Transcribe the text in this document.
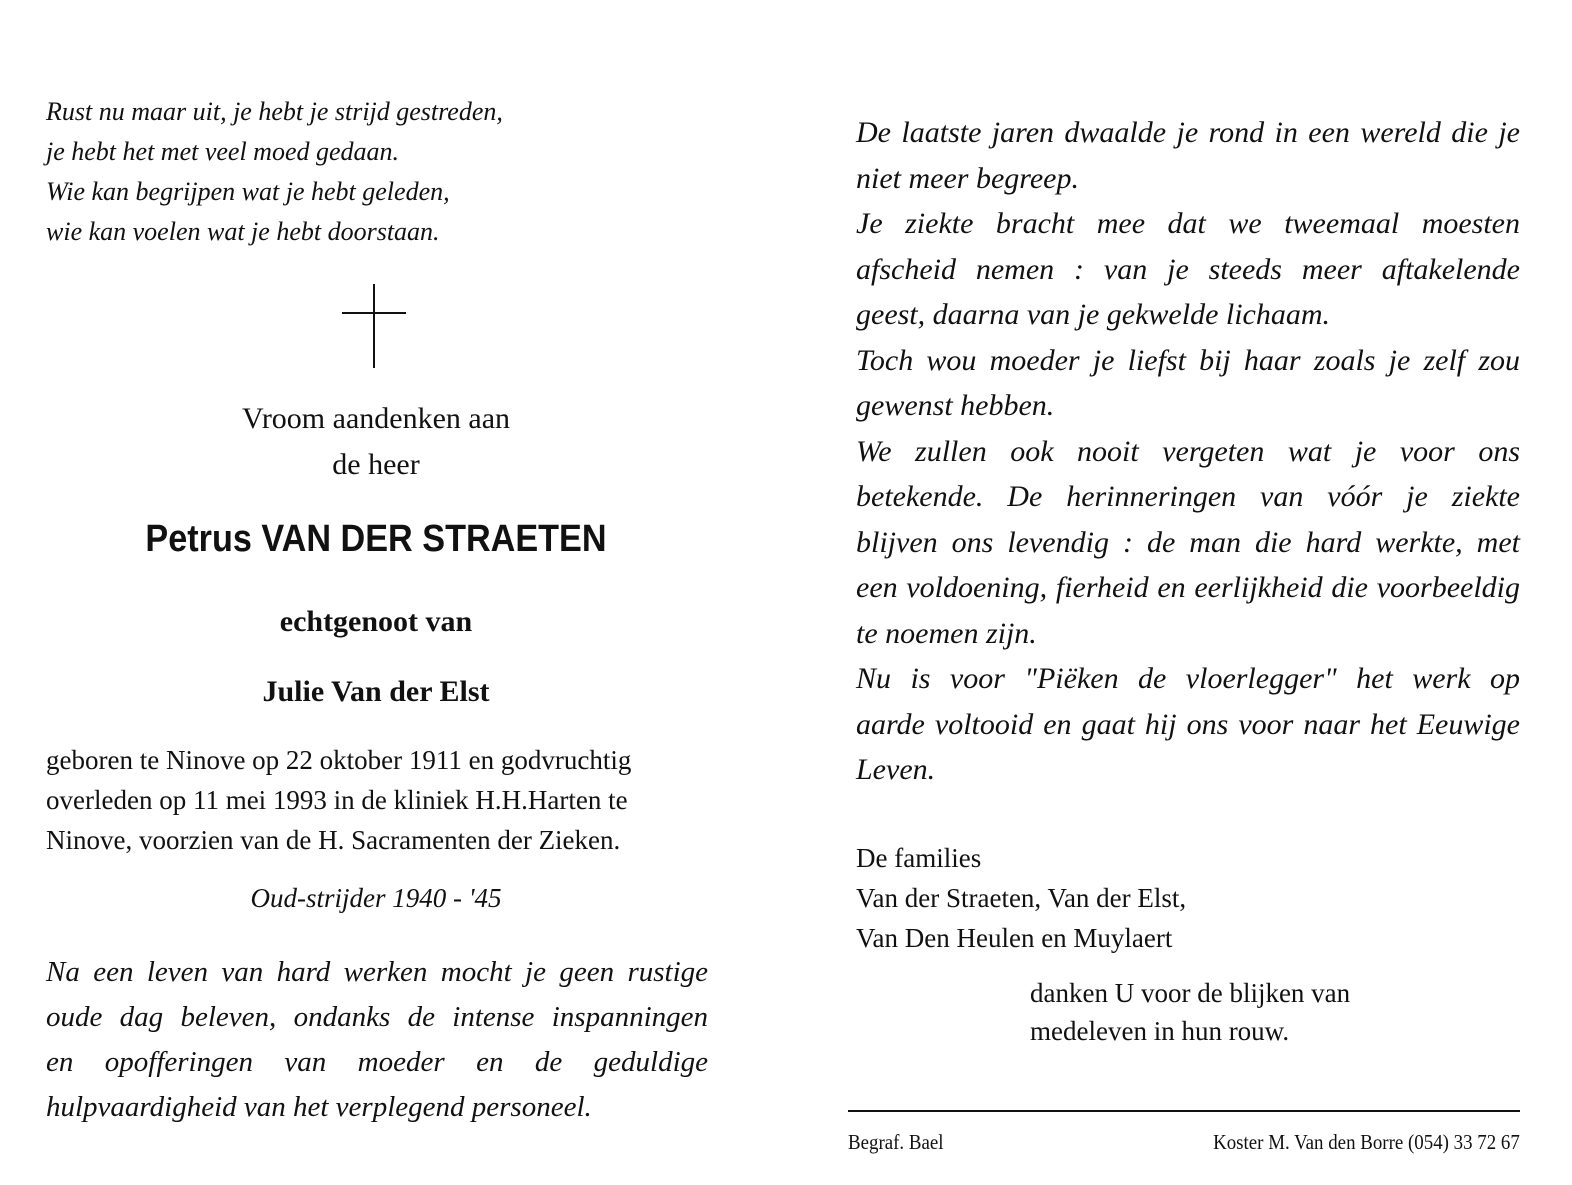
Rust nu maar uit, je hebt je strijd gestreden,
je hebt het met veel moed gedaan.
Wie kan begrijpen wat je hebt geleden,
wie kan voelen wat je hebt doorstaan.
Vroom aandenken aan
de heer
Petrus VAN DER STRAETEN
echtgenoot van
Julie Van der Elst
geboren te Ninove op 22 oktober 1911 en godvruchtig
overleden op 11 mei 1993 in de kliniek H.H.Harten te
Ninove, voorzien van de H. Sacramenten der Zieken.
Oud-strijder 1940 - '45
Na een leven van hard werken mocht je geen rustige
oude dag beleven, ondanks de intense inspanningen
en opofferingen van moeder en de geduldige
hulpvaardigheid van het verplegend personeel.
De laatste jaren dwaalde je rond in een wereld die je
niet meer begreep.
Je ziekte bracht mee dat we tweemaal moesten
afscheid nemen : van je steeds meer aftakelende
geest, daarna van je gekwelde lichaam.
Toch wou moeder je liefst bij haar zoals je zelf zou
gewenst hebben.
We zullen ook nooit vergeten wat je voor ons
betekende. De herinneringen van vóór je ziekte
blijven ons levendig : de man die hard werkte, met
een voldoening, fierheid en eerlijkheid die voorbeeldig
te noemen zijn.
Nu is voor "Piëken de vloerlegger" het werk op
aarde voltooid en gaat hij ons voor naar het Eeuwige
Leven.
De families
Van der Straeten, Van der Elst,
Van Den Heulen en Muylaert
danken U voor de blijken van
medeleven in hun rouw.
Begraf. Bael	Koster M. Van den Borre (054) 33 72 67
